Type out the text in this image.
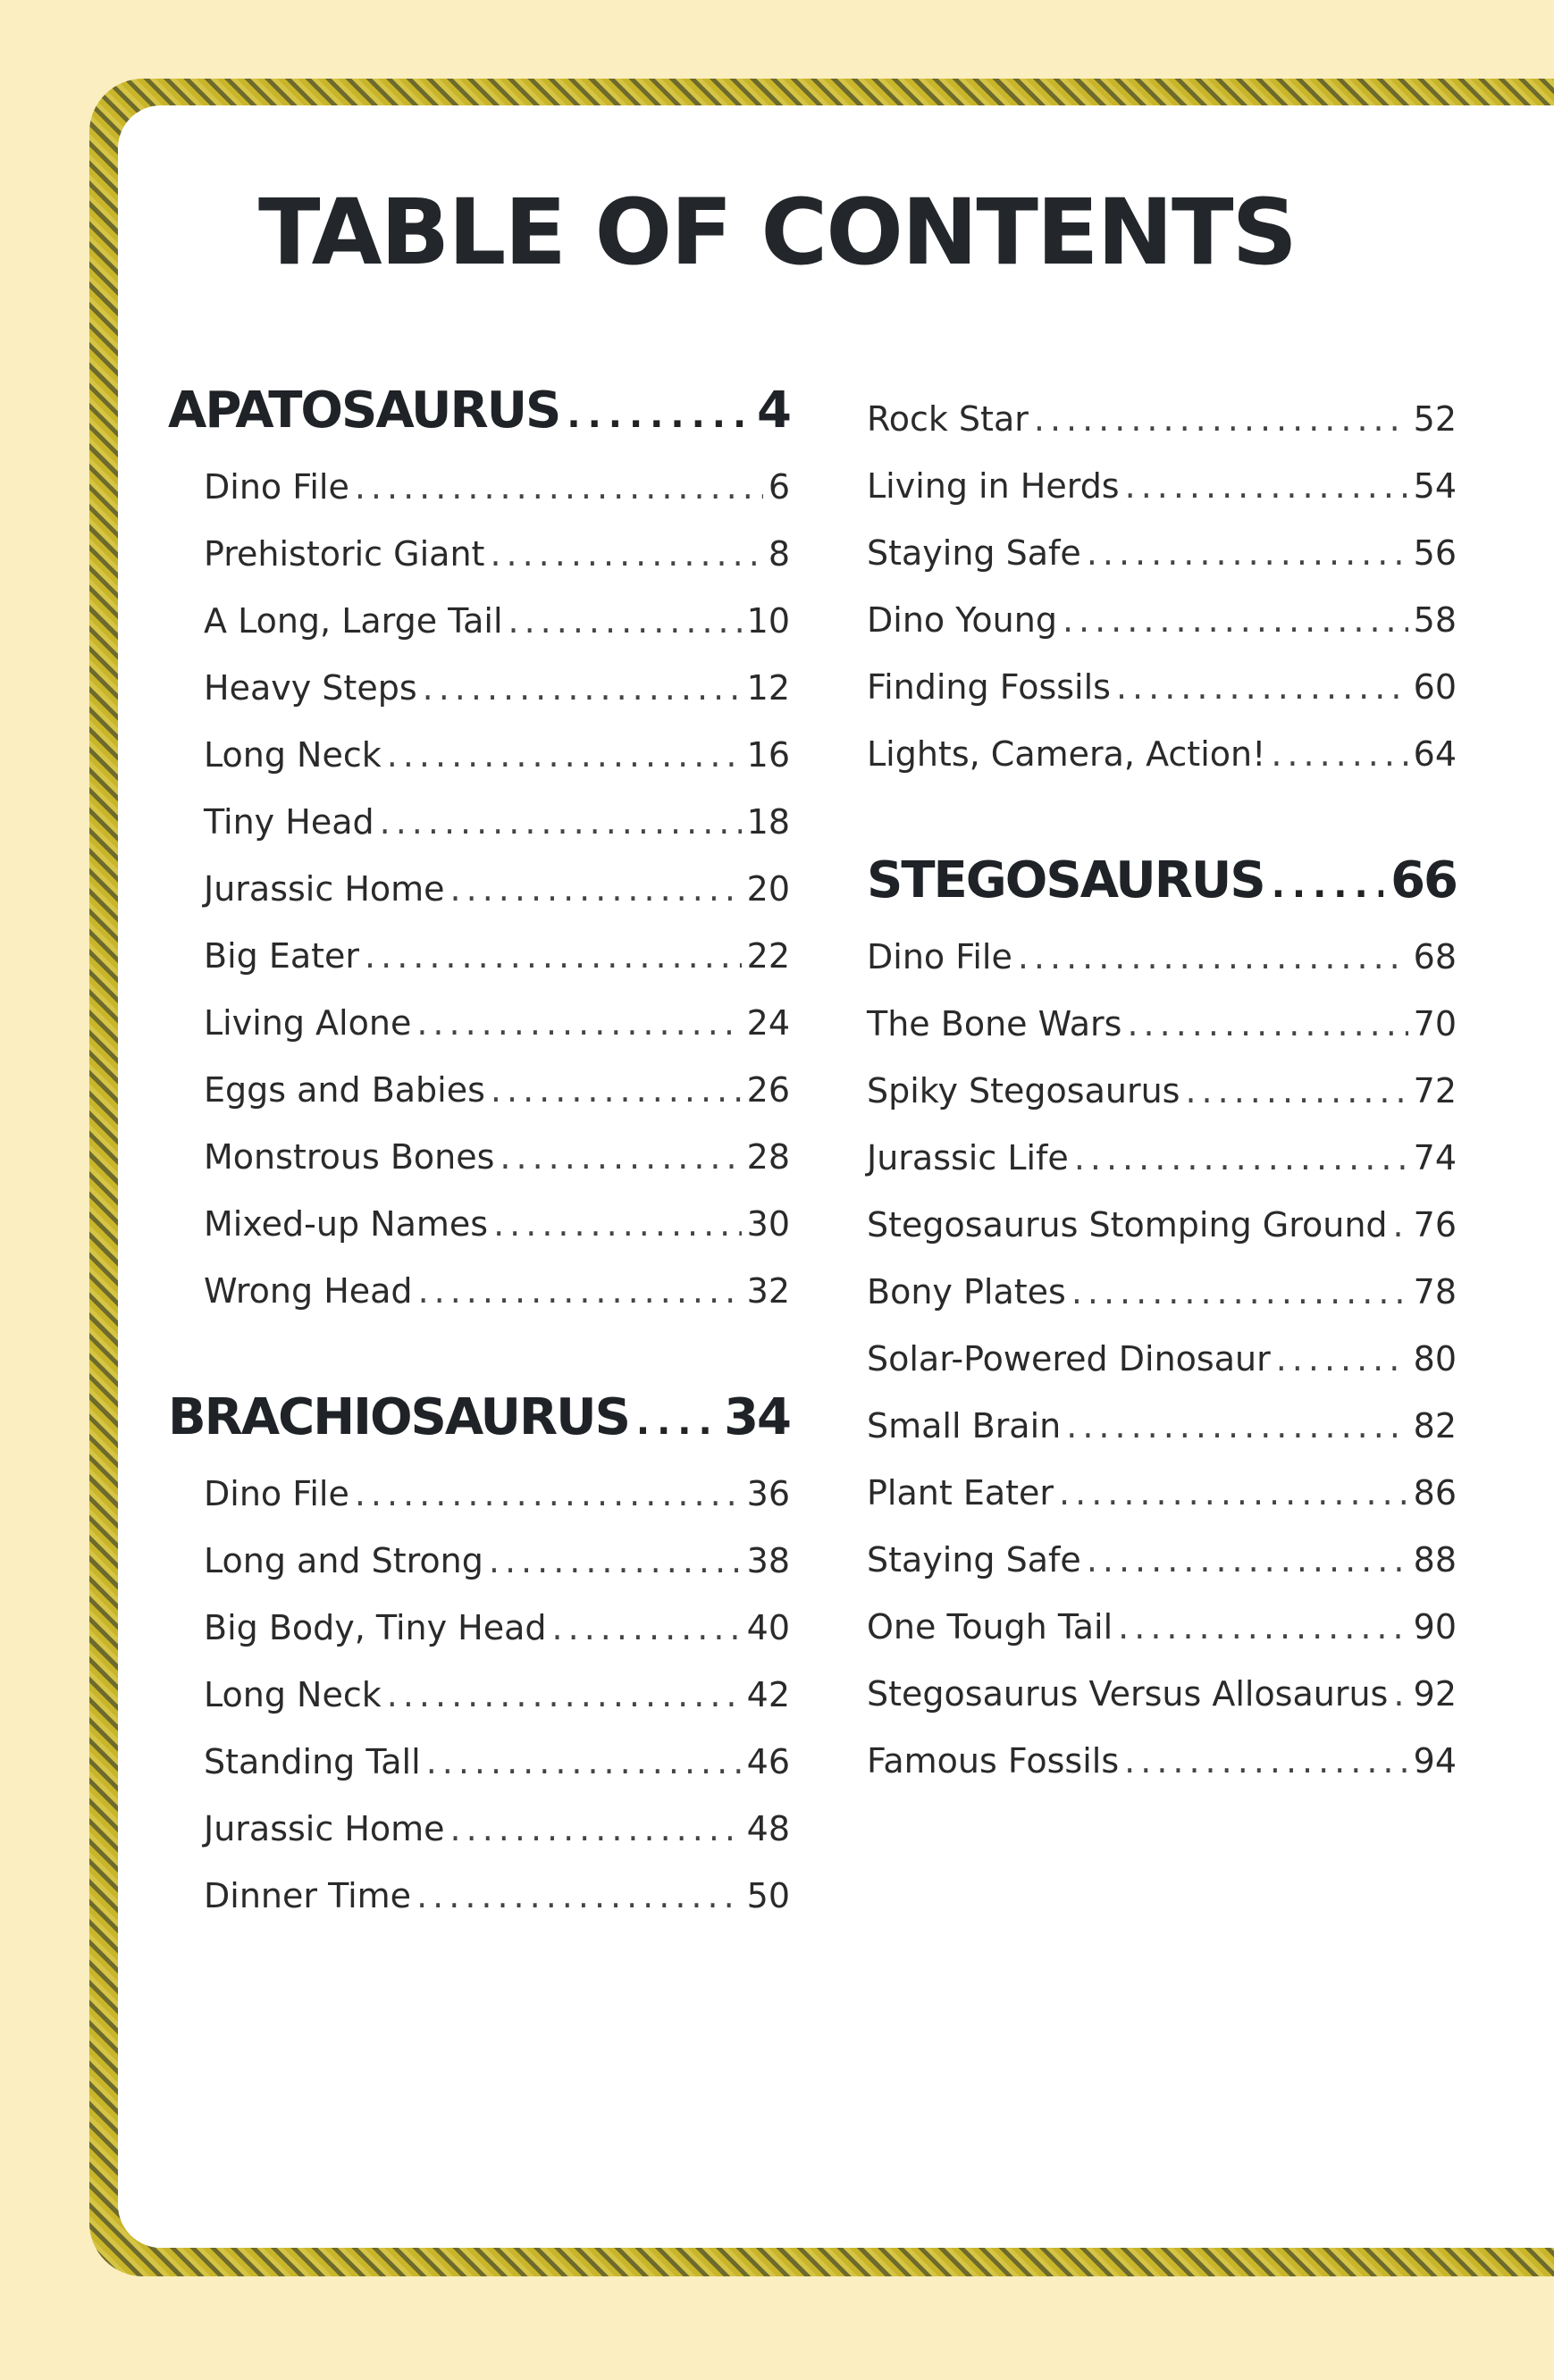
TABLE OF CONTENTS
APATOSAURUS .....	4
Dino File .....	6
Prehistoric Giant .....	8
A Long, Large Tail .....	10
Heavy Steps .....	12
Long Neck .....	16
Tiny Head .....	18
Jurassic Home .....	20
Big Eater .....	22
Living Alone .....	24
Eggs and Babies .....	26
Monstrous Bones .....	28
Mixed-up Names .....	30
Wrong Head .....	32
BRACHIOSAURUS ..... 34
Dino File .....	36
Long and Strong .....	38
Big Body, Tiny Head .....	40
Long Neck .....	42
Standing Tall .....	46
Jurassic Home .....	48
Dinner Time .....	50
Rock Star .....	52
Living in Herds .....	54
Staying Safe .....	56
Dino Young .....	58
Finding Fossils .....	60
Lights, Camera, Action! .....	64
STEGOSAURUS .....	66
Dino File .....	68
The Bone Wars .....	70
Spiky Stegosaurus .....	72
Jurassic Life .....	74
Stegosaurus Stomping Ground ..... 76
Bony Plates .....	78
Solar-Powered Dinosaur .....	80
Small Brain .....	82
Plant Eater .....	86
Staying Safe .....	88
One Tough Tail .....	90
Stegosaurus Versus Allosaurus ..... 92
Famous Fossils .....	94
